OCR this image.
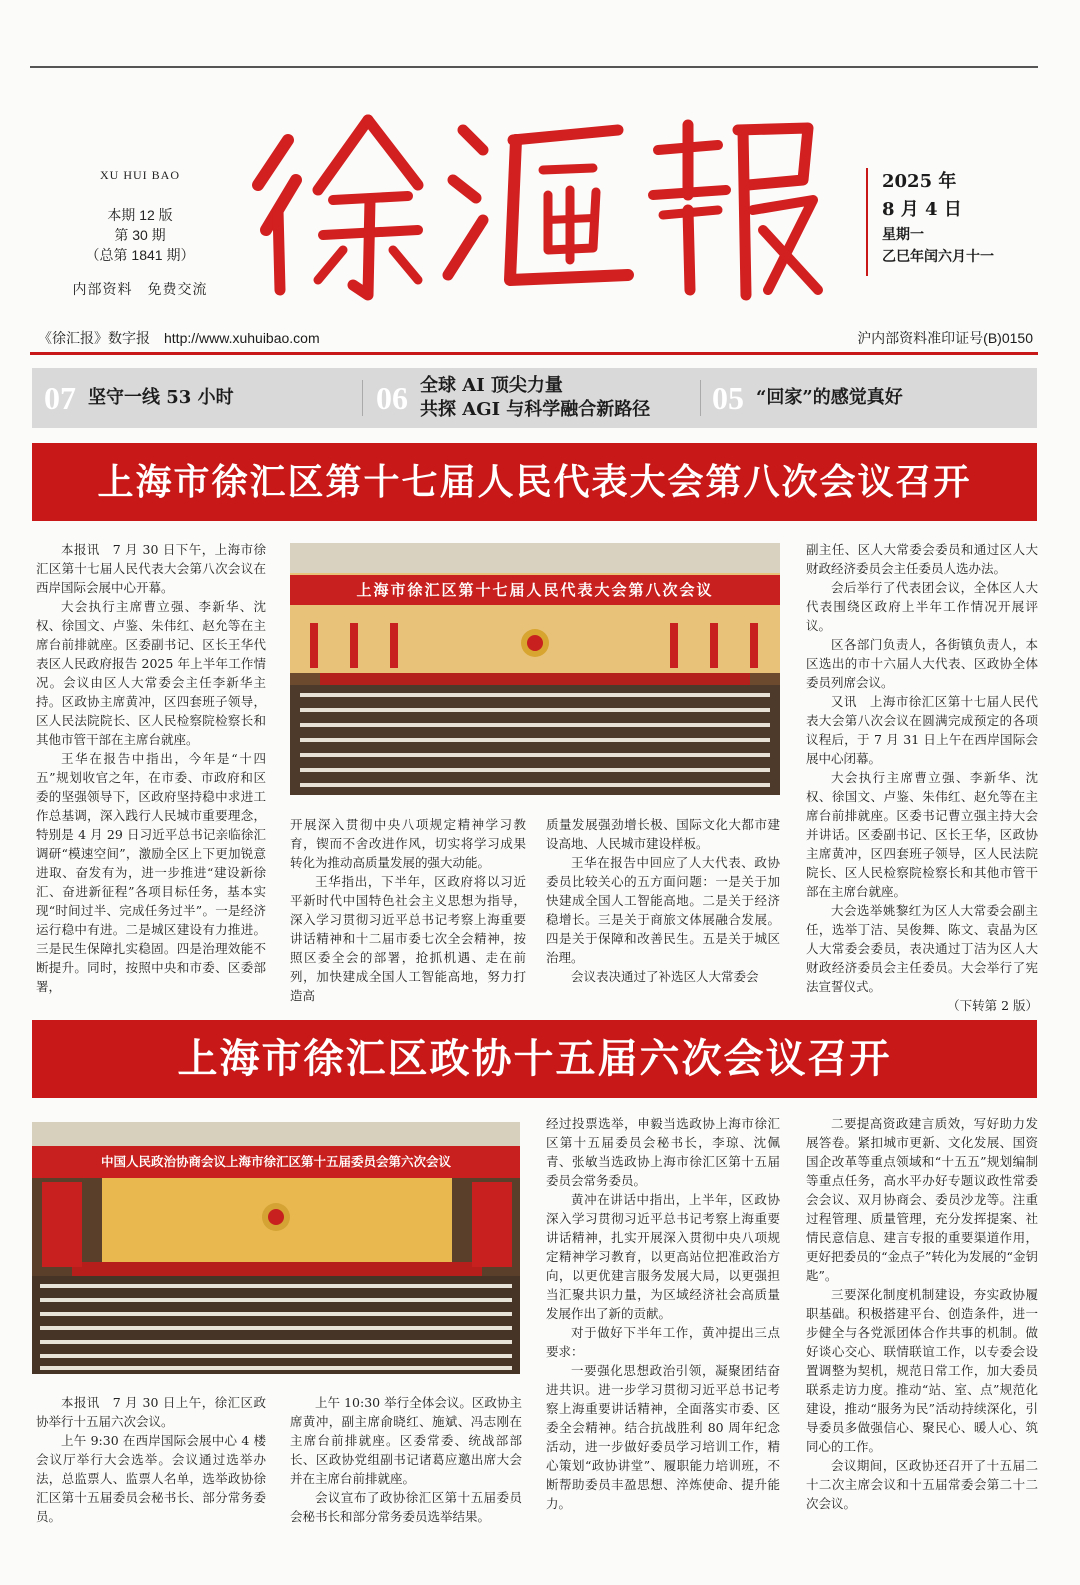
XU HUI BAO
本期 12 版
第 30 期
（总第 1841 期）
内部资料　免费交流
2025 年
8 月 4 日
星期一
乙巳年闰六月十一
《徐汇报》数字报　http://www.xuhuibao.com	沪内部资料准印证号(B)0150
07 坚守一线 53 小时	06 全球 AI 顶尖力量
共探 AGI 与科学融合新路径 05 “回家”的感觉真好
上海市徐汇区第十七届人民代表大会第八次会议召开

本报讯　7 月 30 日下午，上海市徐汇区第十七届人民代表大会第八次会议在西岸国际会展中心开幕。

大会执行主席曹立强、李新华、沈权、徐国文、卢鉴、朱伟红、赵允等在主席台前排就座。区委副书记、区长王华代表区人民政府报告 2025 年上半年工作情况。会议由区人大常委会主任李新华主持。区政协主席黄冲，区四套班子领导，区人民法院院长、区人民检察院检察长和其他市管干部在主席台就座。

王华在报告中指出，今年是“十四五”规划收官之年，在市委、市政府和区委的坚强领导下，区政府坚持稳中求进工作总基调，深入践行人民城市重要理念，特别是 4 月 29 日习近平总书记亲临徐汇调研“模速空间”，激励全区上下更加锐意进取、奋发有为，进一步推进“建设新徐汇、奋进新征程”各项目标任务，基本实现“时间过半、完成任务过半”。一是经济运行稳中有进。二是城区建设有力推进。三是民生保障扎实稳固。四是治理效能不断提升。同时，按照中央和市委、区委部署，

上海市徐汇区第十七届人民代表大会第八次会议

开展深入贯彻中央八项规定精神学习教育，锲而不舍改进作风，切实将学习成果转化为推动高质量发展的强大动能。

王华指出，下半年，区政府将以习近平新时代中国特色社会主义思想为指导，深入学习贯彻习近平总书记考察上海重要讲话精神和十二届市委七次全会精神，按照区委全会的部署，抢抓机遇、走在前列，加快建成全国人工智能高地，努力打造高

质量发展强劲增长极、国际文化大都市建设高地、人民城市建设样板。

王华在报告中回应了人大代表、政协委员比较关心的五方面问题：一是关于加快建成全国人工智能高地。二是关于经济稳增长。三是关于商旅文体展融合发展。四是关于保障和改善民生。五是关于城区治理。

会议表决通过了补选区人大常委会

副主任、区人大常委会委员和通过区人大财政经济委员会主任委员人选办法。

会后举行了代表团会议，全体区人大代表围绕区政府上半年工作情况开展评议。

区各部门负责人，各街镇负责人，本区选出的市十六届人大代表、区政协全体委员列席会议。

又讯　上海市徐汇区第十七届人民代表大会第八次会议在圆满完成预定的各项议程后，于 7 月 31 日上午在西岸国际会展中心闭幕。

大会执行主席曹立强、李新华、沈权、徐国文、卢鉴、朱伟红、赵允等在主席台前排就座。区委书记曹立强主持大会并讲话。区委副书记、区长王华，区政协主席黄冲，区四套班子领导，区人民法院院长、区人民检察院检察长和其他市管干部在主席台就座。

大会选举姚黎红为区人大常委会副主任，选举丁洁、吴俊舞、陈文、袁晶为区人大常委会委员，表决通过丁洁为区人大财政经济委员会主任委员。大会举行了宪法宣誓仪式。

（下转第 2 版）
上海市徐汇区政协十五届六次会议召开
中国人民政治协商会议上海市徐汇区第十五届委员会第六次会议

本报讯　7 月 30 日上午，徐汇区政协举行十五届六次会议。

上午 9:30 在西岸国际会展中心 4 楼会议厅举行大会选举。会议通过选举办法，总监票人、监票人名单，选举政协徐汇区第十五届委员会秘书长、部分常务委员。

上午 10:30 举行全体会议。区政协主席黄冲，副主席俞晓红、施斌、冯志刚在主席台前排就座。区委常委、统战部部长、区政协党组副书记诸葛应邀出席大会并在主席台前排就座。

会议宣布了政协徐汇区第十五届委员会秘书长和部分常务委员选举结果。

经过投票选举，申毅当选政协上海市徐汇区第十五届委员会秘书长，李琼、沈佩青、张敏当选政协上海市徐汇区第十五届委员会常务委员。

黄冲在讲话中指出，上半年，区政协深入学习贯彻习近平总书记考察上海重要讲话精神，扎实开展深入贯彻中央八项规定精神学习教育，以更高站位把准政治方向，以更优建言服务发展大局，以更强担当汇聚共识力量，为区域经济社会高质量发展作出了新的贡献。

对于做好下半年工作，黄冲提出三点要求：

一要强化思想政治引领，凝聚团结奋进共识。进一步学习贯彻习近平总书记考察上海重要讲话精神，全面落实市委、区委全会精神。结合抗战胜利 80 周年纪念活动，进一步做好委员学习培训工作，精心策划“政协讲堂”、履职能力培训班，不断帮助委员丰盈思想、淬炼使命、提升能力。

二要提高资政建言质效，写好助力发展答卷。紧扣城市更新、文化发展、国资国企改革等重点领域和“十五五”规划编制等重点任务，高水平办好专题议政性常委会会议、双月协商会、委员沙龙等。注重过程管理、质量管理，充分发挥提案、社情民意信息、建言专报的重要渠道作用，更好把委员的“金点子”转化为发展的“金钥匙”。

三要深化制度机制建设，夯实政协履职基础。积极搭建平台、创造条件，进一步健全与各党派团体合作共事的机制。做好谈心交心、联情联谊工作，以专委会设置调整为契机，规范日常工作，加大委员联系走访力度。推动“站、室、点”规范化建设，推动“服务为民”活动持续深化，引导委员多做强信心、聚民心、暖人心、筑同心的工作。

会议期间，区政协还召开了十五届二十二次主席会议和十五届常委会第二十二次会议。
